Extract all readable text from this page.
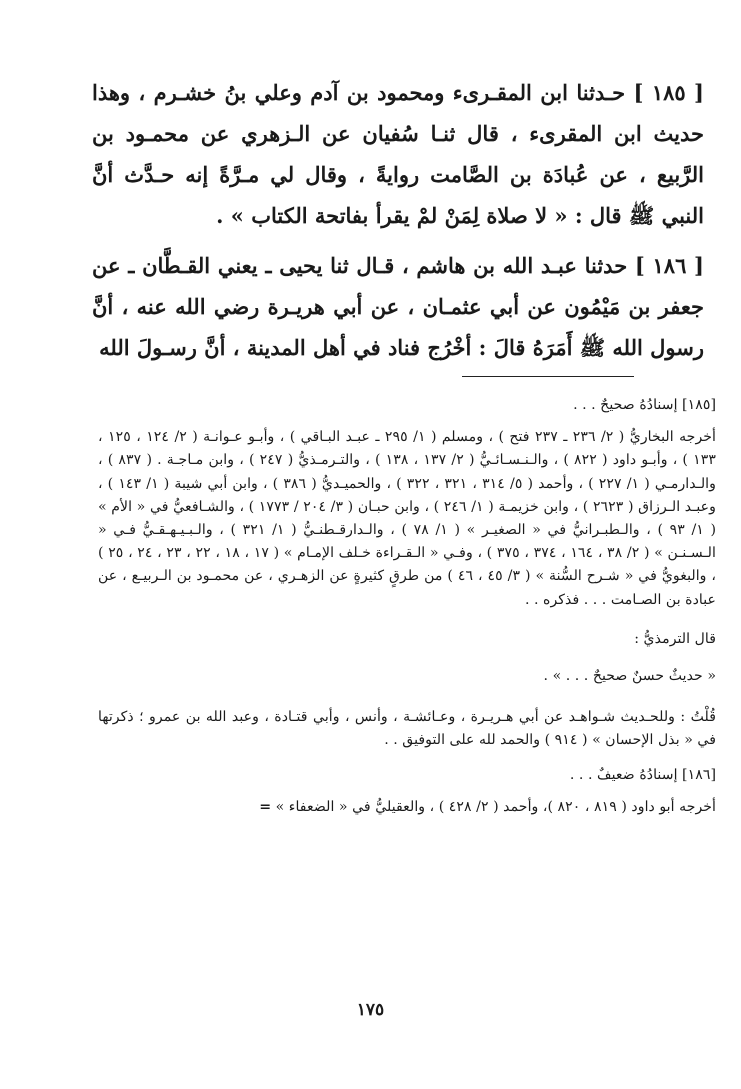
[ ١٨٥ ] حـدثنا ابن المقـرىء ومحمود بن آدم وعلي بنُ خشـرم ، وهذا حديث ابن المقرىء ، قال ثنـا سُفيان عن الـزهري عن محمـود بن الرَّبيع ، عن عُبادَة بن الصَّامت روايةً ، وقال لي مـرَّةً إنه حـدَّث أنَّ النبي ﷺ قال : « لا صلاة لِمَنْ لمْ يقرأ بفاتحة الكتاب » .

[ ١٨٦ ] حدثنا عبـد الله بن هاشم ، قـال ثنا يحيى ـ يعني القـطَّان ـ عن جعفر بن مَيْمُون عن أبي عثمـان ، عن أبي هريـرة رضي الله عنه ، أنَّ رسول الله ﷺ أَمَرَهُ قالَ : أخْرُج فناد في أهل المدينة ، أنَّ رسـولَ الله

[١٨٥] إسنادُهُ صحيحٌ . . .

أخرجه البخاريُّ ( ٢/ ٢٣٦ ـ ٢٣٧ فتح ) ، ومسلم ( ١/ ٢٩٥ ـ عبـد البـاقي ) ، وأبـو عـوانـة ( ٢/ ١٢٤ ، ١٢٥ ، ١٣٣ ) ، وأبـو داود ( ٨٢٢ ) ، والـنـسـائـيُّ ( ٢/ ١٣٧ ، ١٣٨ ) ، والتـرمـذيُّ ( ٢٤٧ ) ، وابن مـاجـة . ( ٨٣٧ ) ، والـدارمـي ( ١/ ٢٢٧ ) ، وأحمد ( ٥/ ٣١٤ ، ٣٢١ ، ٣٢٢ ) ، والحميـديُّ ( ٣٨٦ ) ، وابن أبي شيبة ( ١/ ١٤٣ ) ، وعبـد الـرزاق ( ٢٦٢٣ ) ، وابن خزيمـة ( ١/ ٢٤٦ ) ، وابن حبـان ( ٣/ ٢٠٤ / ١٧٧٣ ) ، والشـافعيُّ في « الأم » ( ١/ ٩٣ ) ، والـطبـرانيُّ في « الصغيـر » ( ١/ ٧٨ ) ، والـدارقـطنـيُّ ( ١/ ٣٢١ ) ، والـبـيـهـقـيُّ فـي « الـسـنـن » ( ٢/ ٣٨ ، ١٦٤ ، ٣٧٤ ، ٣٧٥ ) ، وفـي « الـقـراءة خـلف الإمـام » ( ١٧ ، ١٨ ، ٢٢ ، ٢٣ ، ٢٤ ، ٢٥ ) ، والبغويُّ في « شـرح السُّنة » ( ٣/ ٤٥ ، ٤٦ ) من طرقٍ كثيرةٍ عن الزهـري ، عن محمـود بن الـربيـع ، عن عبادة بن الصـامت . . . فذكره . .

قال الترمذيُّ :

« حديثٌ حسنٌ صحيحٌ . . . » .

قُلْتُ : وللحـديث شـواهـد عن أبي هـريـرة ، وعـائشـة ، وأنس ، وأبي قتـادة ، وعبد الله بن عمرو ؛ ذكرتها في « بذل الإحسان » ( ٩١٤ ) والحمد لله على التوفيق . .

[١٨٦] إسنادُهُ ضعيفٌ . . .

أخرجه أبو داود ( ٨١٩ ، ٨٢٠ )، وأحمد ( ٢/ ٤٢٨ ) ، والعقيليُّ في « الضعفاء » =

١٧٥
